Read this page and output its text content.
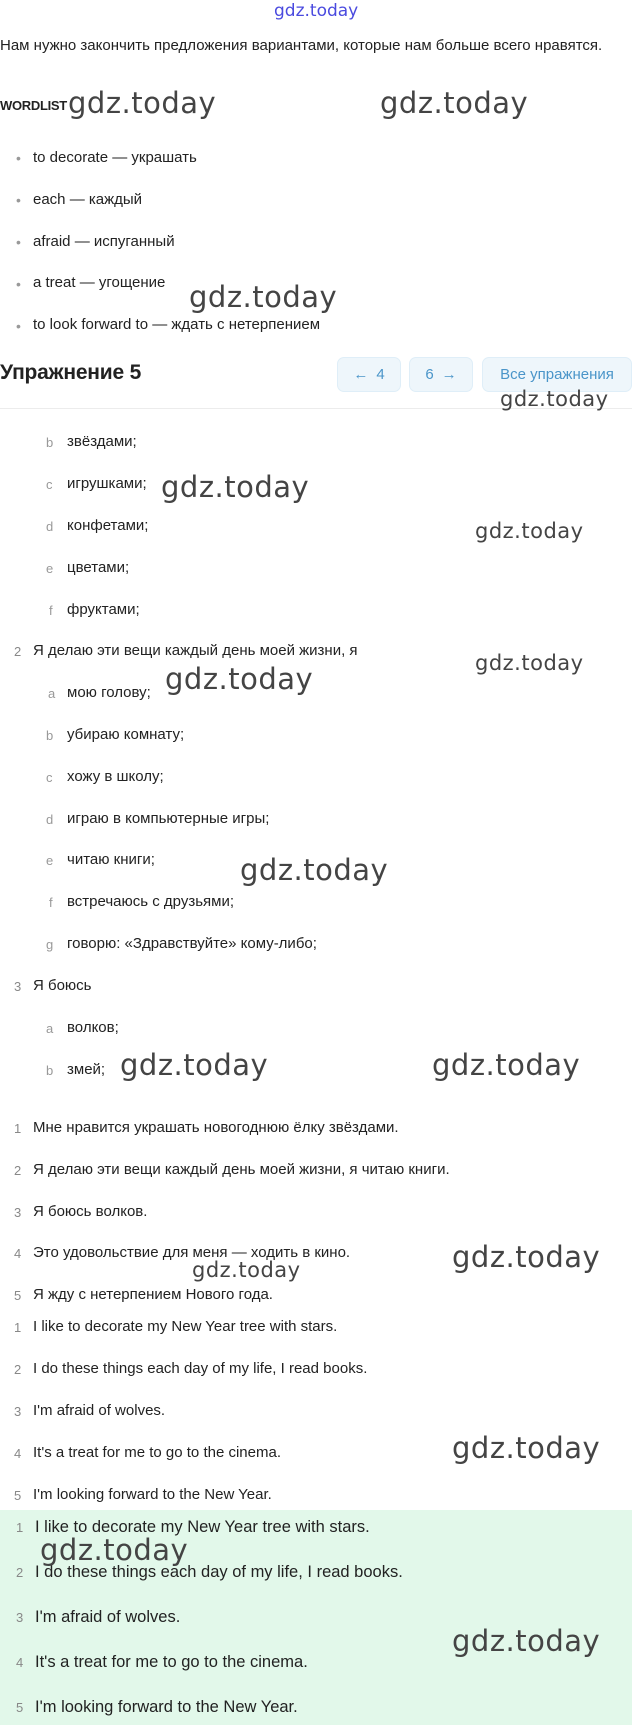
gdz.today
Нам нужно закончить предложения вариантами, которые нам больше всего нравятся.
WORDLIST
• to decorate — украшать
• each — каждый
• afraid — испуганный
• a treat — угощение
• to look forward to — ждать с нетерпением
Упражнение 5	← 4	6 →	Все упражнения
b звёздами;
c игрушками;
d конфетами;
e цветами;
f фруктами;
2 Я делаю эти вещи каждый день моей жизни, я
a мою голову;
b убираю комнату;
c хожу в школу;
d играю в компьютерные игры;
e читаю книги;
f встречаюсь с друзьями;
g говорю: «Здравствуйте» кому-либо;
3 Я боюсь
a волков;
b змей;
1 Мне нравится украшать новогоднюю ёлку звёздами.
2 Я делаю эти вещи каждый день моей жизни, я читаю книги.
3 Я боюсь волков.
4 Это удовольствие для меня — ходить в кино.
5 Я жду с нетерпением Нового года.
1 I like to decorate my New Year tree with stars.
2 I do these things each day of my life, I read books.
3 I'm afraid of wolves.
4 It's a treat for me to go to the cinema.
5 I'm looking forward to the New Year.
1 I like to decorate my New Year tree with stars.
2 I do these things each day of my life, I read books.
3 I'm afraid of wolves.
4 It's a treat for me to go to the cinema.
5 I'm looking forward to the New Year.
gdz.today	gdz.today
gdz.today
gdz.today
gdz.today
gdz.today
gdz.today
gdz.today
gdz.today
gdz.today	gdz.today
gdz.today
gdz.today
gdz.today
gdz.today
gdz.today
